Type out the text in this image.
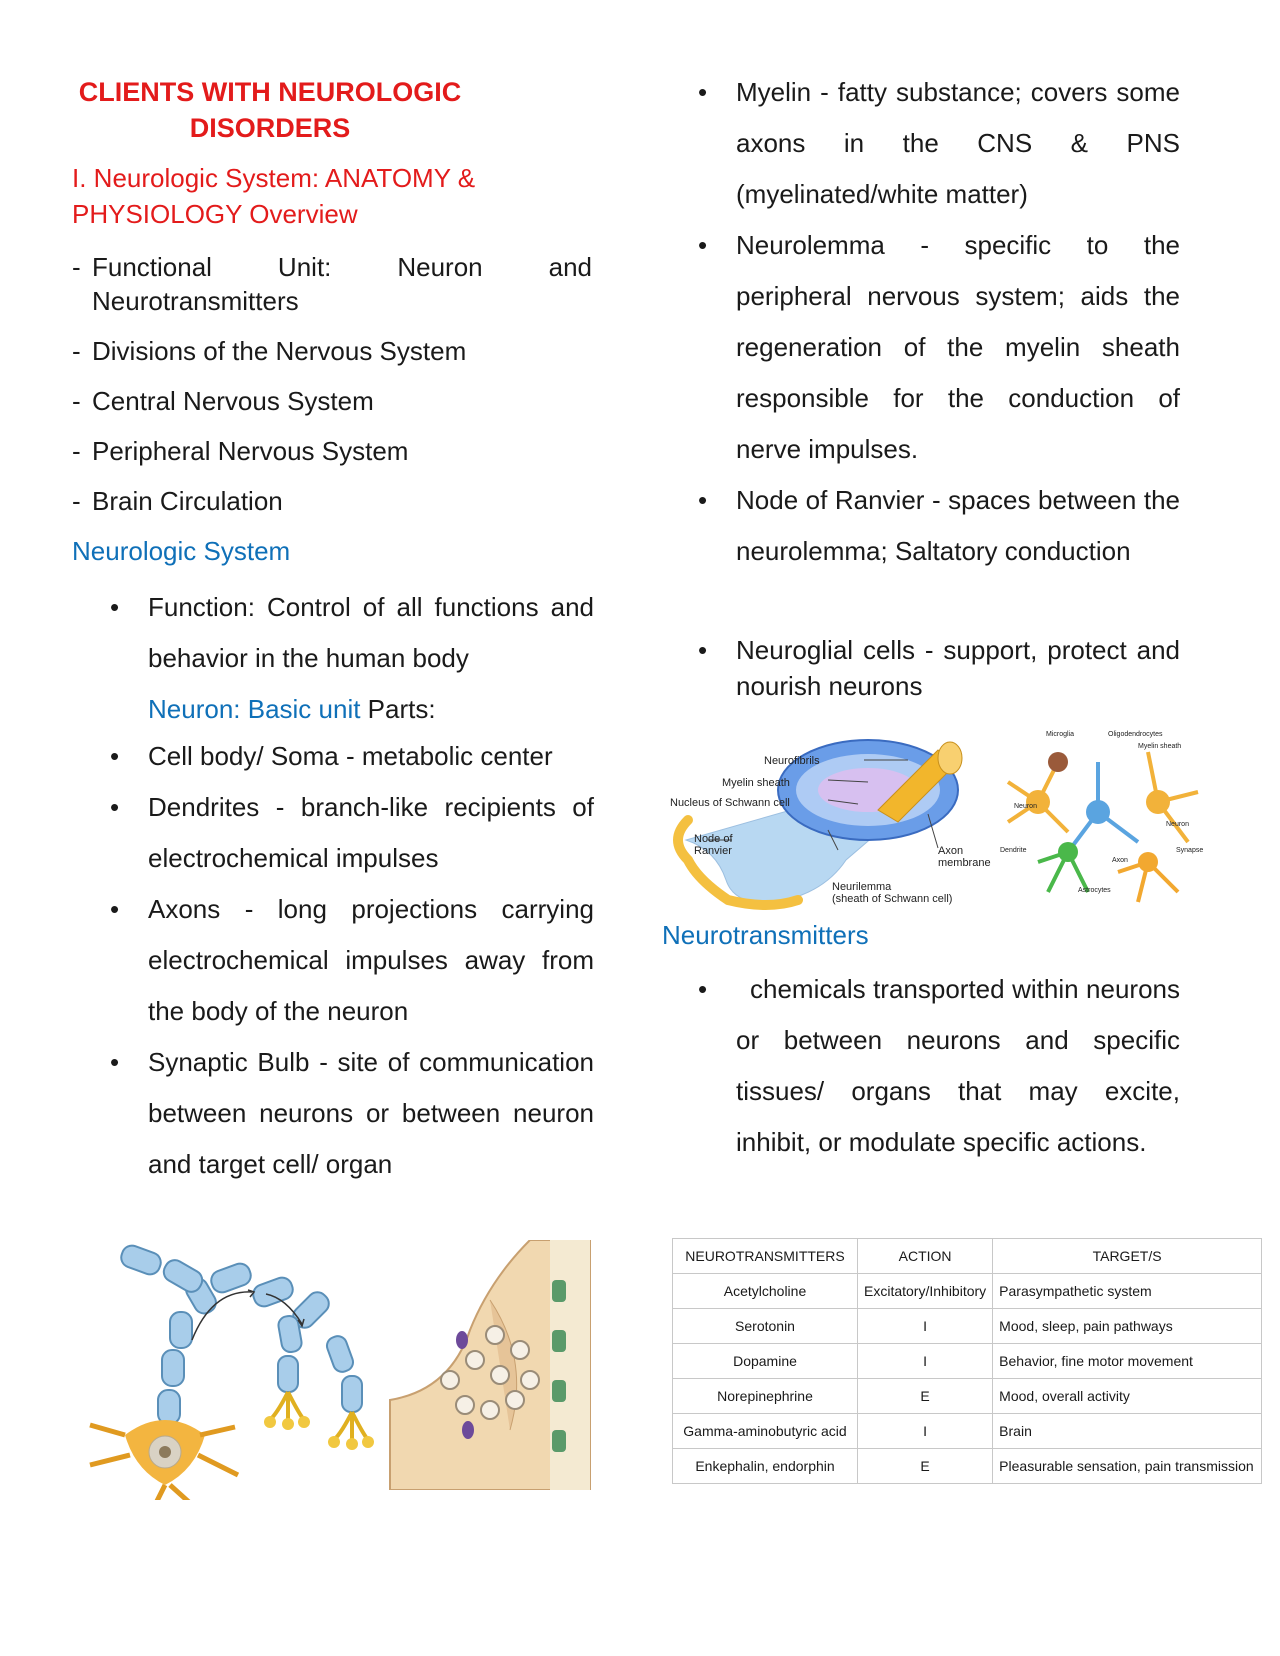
CLIENTS WITH NEUROLOGIC
DISORDERS
I. Neurologic System: ANATOMY &
PHYSIOLOGY Overview
- Functional Unit: Neuron and Neurotransmitters
- Divisions of the Nervous System
- Central Nervous System
- Peripheral Nervous System
- Brain Circulation
Neurologic System
•	Function: Control of all functions and behavior in the human body
Neuron: Basic unit Parts:
•	Cell body/ Soma - metabolic center
•	Dendrites - branch-like recipients of electrochemical impulses
•	Axons - long projections carrying electrochemical impulses away from the body of the neuron
•	Synaptic Bulb - site of communication between neurons or between neuron and target cell/ organ
•	Myelin - fatty substance; covers some axons in the CNS & PNS (myelinated/white matter)
•	Neurolemma - specific to the peripheral nervous system; aids the regeneration of the myelin sheath responsible for the conduction of nerve impulses.
•	Node of Ranvier - spaces between the neurolemma; Saltatory conduction
•	Neuroglial cells - support, protect and nourish neurons
Neurofibrils
Myelin sheath
Nucleus of Schwann cell
Node of
Ranvier	Axon
membrane
Neurilemma
(sheath of Schwann cell)
Microglia	Oligodendrocytes
Myelin sheath
Neuron
Neuron
Dendrite	Synapse
Axon
Astrocytes
Neurotransmitters
•	chemicals transported within neurons or between neurons and specific tissues/ organs that may excite, inhibit, or modulate specific actions.
NEUROTRANSMITTERS	ACTION	TARGET/S
Acetylcholine	Excitatory/Inhibitory	Parasympathetic system
Serotonin	I	Mood, sleep, pain pathways
Dopamine	I	Behavior, fine motor movement
Norepinephrine	E	Mood, overall activity
Gamma-aminobutyric acid	I	Brain
Enkephalin, endorphin	E	Pleasurable sensation, pain transmission
